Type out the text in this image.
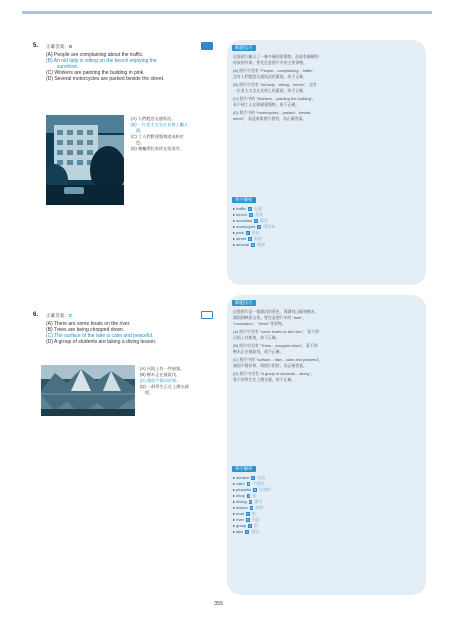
5. 正確答案：B
(A) People are complaining about the traffic.
(B) An old lady is sitting on the bench enjoying the
sunshine.
(C) Workers are painting the building in pink.
(D) Several motorcycles are parked beside the street.
(A) 人們抱怨交通狀況。
(B) 一位老太太坐在長椅上曬太
陽。
(C) 工人們將建築物漆成粉紅
色。
(D) 幾輛摩托車停在街道旁。
解題技巧
這張照片顯示了一棟多層的建築物，前面有綠樹和
停放的汽車。要先注意照片中的主要事物。
(A) 照片中沒有 "People... complaining... traffic"，
沒有人們抱怨交通狀況的畫面，故不正確。
(B) 照片中沒有 "old lady... sitting... bench"，沒有
一位老太太坐在長椅上的畫面，故不正確。
(C) 照片中的 "Workers... painting the building"，
看不到工人在粉刷建築物，故不正確。
(D) 照片中的 "motorcycles... parked... beside...
street"，看起來與照片相符，為正確答案。
單字解析
▸ traffic n 交通
▸ bench n 長椅
▸ sunshine n 陽光
▸ motorcycle n 摩托車
▸ park v 停放
▸ street n 街道
▸ several a 幾個
6. 正確答案：C
(A) There are some boats on the river.
(B) Trees are being chopped down.
(C) The surface of the lake is calm and peaceful.
(D) A group of students are taking a diving lesson.
(A) 河面上有一些船隻。
(B) 樹木正在被砍伐。
(C) 湖面平靜而祥和。
(D) 一群學生正在上潛水課
程。
解題技巧
這張照片是一個湖泊的景色，周圍有山脈和樹木，
湖面倒映著山景。要注意照片中的 "lake"、
"mountains"、"trees" 等事物。
(A) 照片中沒有 "some boats on the river"，看不到
河面上有船隻，故不正確。
(B) 照片中沒有 "Trees... chopped down"，看不到
樹木正在被砍伐，故不正確。
(C) 照片中的 "surface... lake... calm and peaceful"，
湖面平靜祥和，與照片相符，為正確答案。
(D) 照片中沒有 "A group of students... diving"，
看不到學生在上潛水課，故不正確。
單字解析
▸ surface n 表面
▸ calm a 平靜的
▸ peaceful a 祥和的
▸ chop v 砍
▸ diving n 潛水
▸ lesson n 課程
▸ boat n 船
▸ river n 河流
▸ group n 群
▸ lake n 湖泊
355
